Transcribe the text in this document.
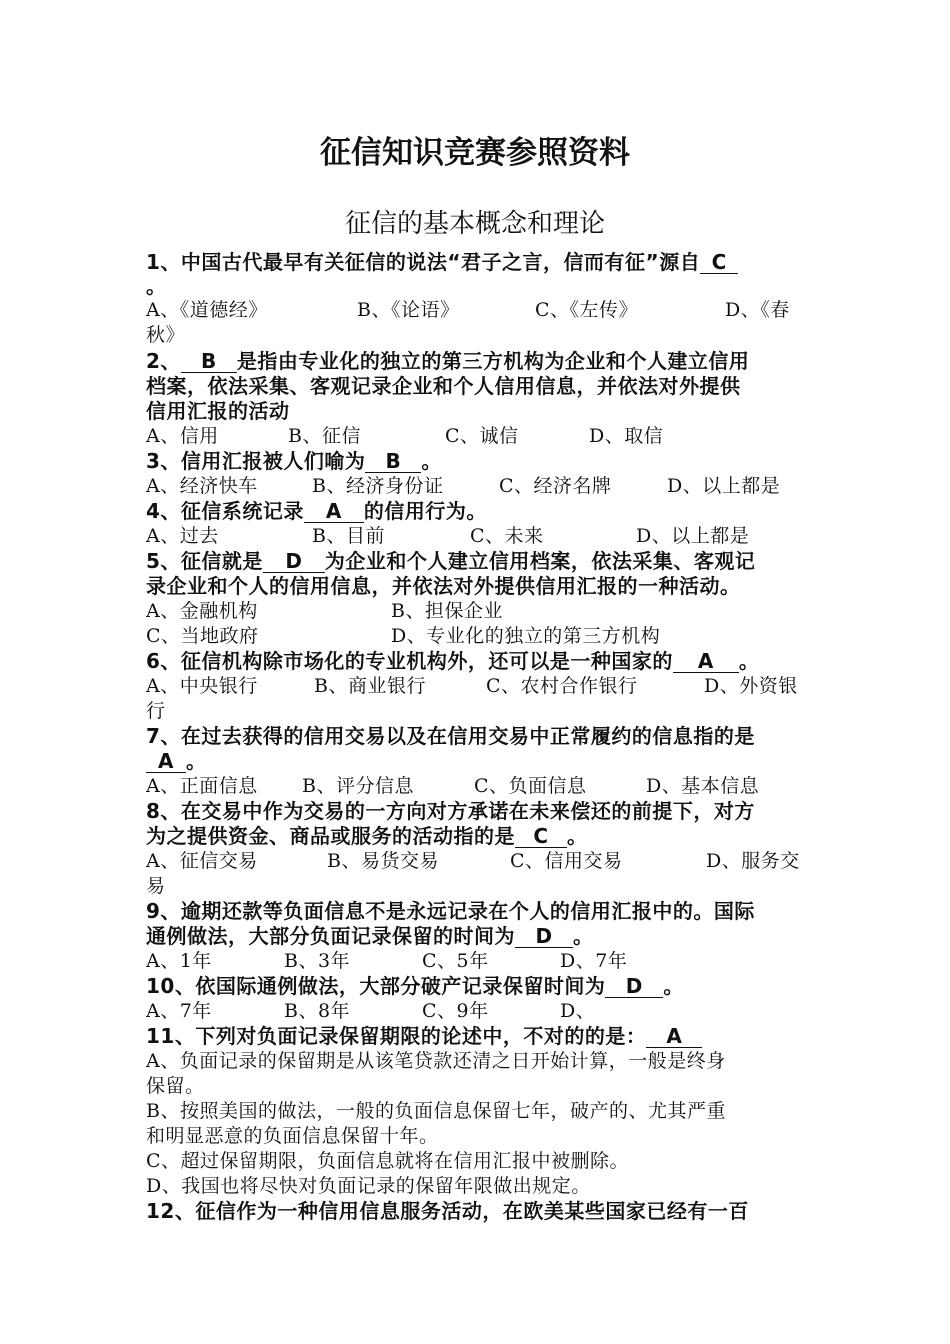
征信知识竞赛参照资料
征信的基本概念和理论
1、中国古代最早有关征信的说法“君子之言，信而有征”源自 C
。
A、《道德经》	B、《论语》	C、《左传》	D、《春
秋》
2、 B 是指由专业化的独立的第三方机构为企业和个人建立信用
档案，依法采集、客观记录企业和个人信用信息，并依法对外提供
信用汇报的活动
A、信用	B、征信	C、诚信	D、取信
3、信用汇报被人们喻为 B 。
A、经济快车	B、经济身份证	C、经济名牌	D、以上都是
4、征信系统记录 A 的信用行为。
A、过去	B、目前	C、未来	D、以上都是
5、征信就是 D 为企业和个人建立信用档案，依法采集、客观记
录企业和个人的信用信息，并依法对外提供信用汇报的一种活动。
A、金融机构	B、担保企业
C、当地政府	D、专业化的独立的第三方机构
6、征信机构除市场化的专业机构外，还可以是一种国家的 A 。
A、中央银行	B、商业银行	C、农村合作银行	D、外资银
行
7、在过去获得的信用交易以及在信用交易中正常履约的信息指的是
A 。
A、正面信息 B、评分信息	C、负面信息	D、基本信息
8、在交易中作为交易的一方向对方承诺在未来偿还的前提下，对方
为之提供资金、商品或服务的活动指的是 C 。
A、征信交易	B、易货交易	C、信用交易	D、服务交
易
9、逾期还款等负面信息不是永远记录在个人的信用汇报中的。国际
通例做法，大部分负面记录保留的时间为 D 。
A、1年	B、3年	C、5年	D、7年
10、依国际通例做法，大部分破产记录保留时间为 D 。
A、7年	B、8年	C、9年	D、
11、下列对负面记录保留期限的论述中，不对的的是： A
A、负面记录的保留期是从该笔贷款还清之日开始计算，一般是终身
保留。
B、按照美国的做法，一般的负面信息保留七年，破产的、尤其严重
和明显恶意的负面信息保留十年。
C、超过保留期限，负面信息就将在信用汇报中被删除。
D、我国也将尽快对负面记录的保留年限做出规定。
12、征信作为一种信用信息服务活动，在欧美某些国家已经有一百
